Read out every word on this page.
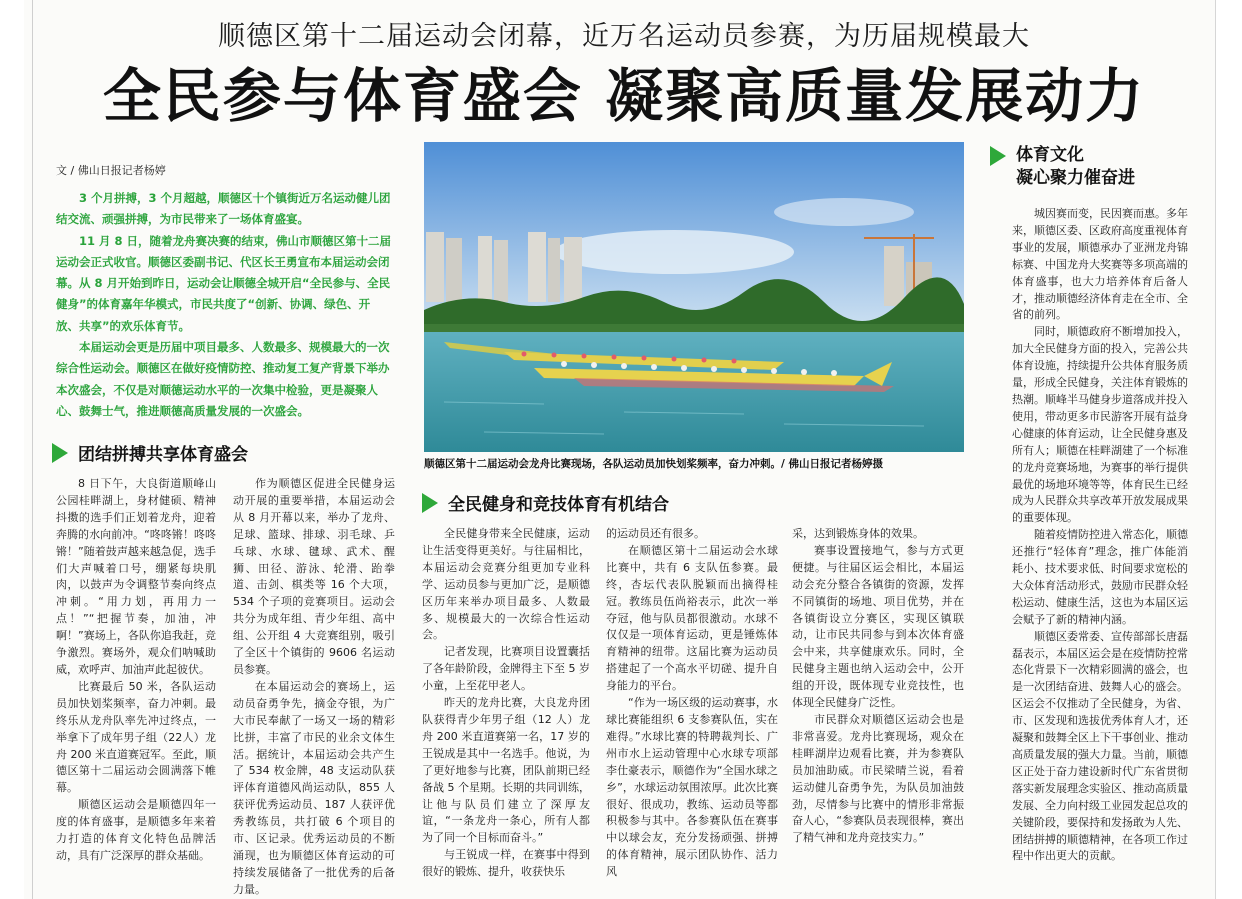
顺德区第十二届运动会闭幕，近万名运动员参赛，为历届规模最大
全民参与体育盛会 凝聚高质量发展动力
文 / 佛山日报记者杨婷

3 个月拼搏，3 个月超越，顺德区十个镇街近万名运动健儿团结交流、顽强拼搏，为市民带来了一场体育盛宴。

11 月 8 日，随着龙舟赛决赛的结束，佛山市顺德区第十二届运动会正式收官。顺德区委副书记、代区长王勇宣布本届运动会闭幕。从 8 月开始到昨日，运动会让顺德全城开启“全民参与、全民健身”的体育嘉年华模式，市民共度了“创新、协调、绿色、开放、共享”的欢乐体育节。

本届运动会更是历届中项目最多、人数最多、规模最大的一次综合性运动会。顺德区在做好疫情防控、推动复工复产背景下举办本次盛会，不仅是对顺德运动水平的一次集中检验，更是凝聚人心、鼓舞士气，推进顺德高质量发展的一次盛会。

团结拼搏共享体育盛会

8 日下午，大良街道顺峰山公园桂畔湖上，身材健硕、精神抖擞的选手们正划着龙舟，迎着奔腾的水向前冲。“咚咚锵！咚咚锵！”随着鼓声越来越急促，选手们大声喊着口号，绷紧每块肌肉，以鼓声为令调整节奏向终点冲刺。“用力划，再用力一点！”“把握节奏，加油，冲啊！”赛场上，各队你追我赶，竞争激烈。赛场外，观众们呐喊助威，欢呼声、加油声此起彼伏。

比赛最后 50 米，各队运动员加快划桨频率，奋力冲刺。最终乐从龙舟队率先冲过终点，一举拿下了成年男子组（22人）龙舟 200 米直道赛冠军。至此，顺德区第十二届运动会圆满落下帷幕。

顺德区运动会是顺德四年一度的体育盛事，是顺德多年来着力打造的体育文化特色品牌活动，具有广泛深厚的群众基础。

作为顺德区促进全民健身运动开展的重要举措，本届运动会从 8 月开幕以来，举办了龙舟、足球、篮球、排球、羽毛球、乒乓球、水球、毽球、武术、醒狮、田径、游泳、轮滑、跆拳道、击剑、棋类等 16 个大项，534 个子项的竞赛项目。运动会共分为成年组、青少年组、高中组、公开组 4 大竞赛组别，吸引了全区十个镇街的 9606 名运动员参赛。

在本届运动会的赛场上，运动员奋勇争先，摘金夺银，为广大市民奉献了一场又一场的精彩比拼，丰富了市民的业余文体生活。据统计，本届运动会共产生了 534 枚金牌，48 支运动队获评体育道德风尚运动队，855 人获评优秀运动员、187 人获评优秀教练员，共打破 6 个项目的市、区记录。优秀运动员的不断涌现，也为顺德区体育运动的可持续发展储备了一批优秀的后备力量。

顺德区第十二届运动会龙舟比赛现场，各队运动员加快划桨频率，奋力冲刺。/ 佛山日报记者杨婷摄
全民健身和竞技体育有机结合

全民健身带来全民健康，运动让生活变得更美好。与往届相比，本届运动会竞赛分组更加专业科学、运动员参与更加广泛，是顺德区历年来举办项目最多、人数最多、规模最大的一次综合性运动会。

记者发现，比赛项目设置囊括了各年龄阶段，金牌得主下至 5 岁小童，上至花甲老人。

昨天的龙舟比赛，大良龙舟团队获得青少年男子组（12 人）龙舟 200 米直道赛第一名，17 岁的王锐成是其中一名选手。他说，为了更好地参与比赛，团队前期已经备战 5 个星期。长期的共同训练，让他与队员们建立了深厚友谊，“一条龙舟一条心，所有人都为了同一个目标而奋斗。”

与王锐成一样，在赛事中得到很好的锻炼、提升，收获快乐

的运动员还有很多。

在顺德区第十二届运动会水球比赛中，共有 6 支队伍参赛。最终，杏坛代表队脱颖而出摘得桂冠。教练员伍尚裕表示，此次一举夺冠，他与队员都很激动。水球不仅仅是一项体育运动，更是锤炼体育精神的纽带。这届比赛为运动员搭建起了一个高水平切磋、提升自身能力的平台。

“作为一场区级的运动赛事，水球比赛能组织 6 支参赛队伍，实在难得。”水球比赛的特聘裁判长、广州市水上运动管理中心水球专项部李仕豪表示，顺德作为“全国水球之乡”，水球运动氛围浓厚。此次比赛很好、很成功，教练、运动员等都积极参与其中。各参赛队伍在赛事中以球会友，充分发扬顽强、拼搏的体育精神，展示团队协作、活力风

采，达到锻炼身体的效果。

赛事设置接地气，参与方式更便捷。与往届区运会相比，本届运动会充分整合各镇街的资源，发挥不同镇街的场地、项目优势，并在各镇街设立分赛区，实现区镇联动，让市民共同参与到本次体育盛会中来，共享健康欢乐。同时，全民健身主题也纳入运动会中，公开组的开设，既体现专业竞技性，也体现全民健身广泛性。

市民群众对顺德区运动会也是非常喜爱。龙舟比赛现场，观众在桂畔湖岸边观看比赛，并为参赛队员加油助威。市民梁晴兰说，看着运动健儿奋勇争先，为队员加油鼓劲，尽情参与比赛中的情形非常振奋人心，“参赛队员表现很棒，赛出了精气神和龙舟竞技实力。”

体育文化
凝心聚力催奋进

城因赛而变，民因赛而惠。多年来，顺德区委、区政府高度重视体育事业的发展，顺德承办了亚洲龙舟锦标赛、中国龙舟大奖赛等多项高端的体育盛事，也大力培养体育后备人才，推动顺德经济体育走在全市、全省的前列。

同时，顺德政府不断增加投入，加大全民健身方面的投入，完善公共体育设施，持续提升公共体育服务质量，形成全民健身，关注体育锻炼的热潮。顺峰半马健身步道落成并投入使用，带动更多市民游客开展有益身心健康的体育运动，让全民健身惠及所有人；顺德在桂畔湖建了一个标准的龙舟竞赛场地，为赛事的举行提供最优的场地环境等等，体育民生已经成为人民群众共享改革开放发展成果的重要体现。

随着疫情防控进入常态化，顺德还推行“轻体育”理念，推广体能消耗小、技术要求低、时间要求宽松的大众体育活动形式，鼓励市民群众轻松运动、健康生活，这也为本届区运会赋予了新的精神内涵。

顺德区委常委、宣传部部长唐磊磊表示，本届区运会是在疫情防控常态化背景下一次精彩圆满的盛会，也是一次团结奋进、鼓舞人心的盛会。区运会不仅推动了全民健身，为省、市、区发现和选拔优秀体育人才，还凝聚和鼓舞全区上下干事创业、推动高质量发展的强大力量。当前，顺德区正处于奋力建设新时代广东省贯彻落实新发展理念实验区、推动高质量发展、全力向村级工业园发起总攻的关键阶段，要保持和发扬敢为人先、团结拼搏的顺德精神，在各项工作过程中作出更大的贡献。
